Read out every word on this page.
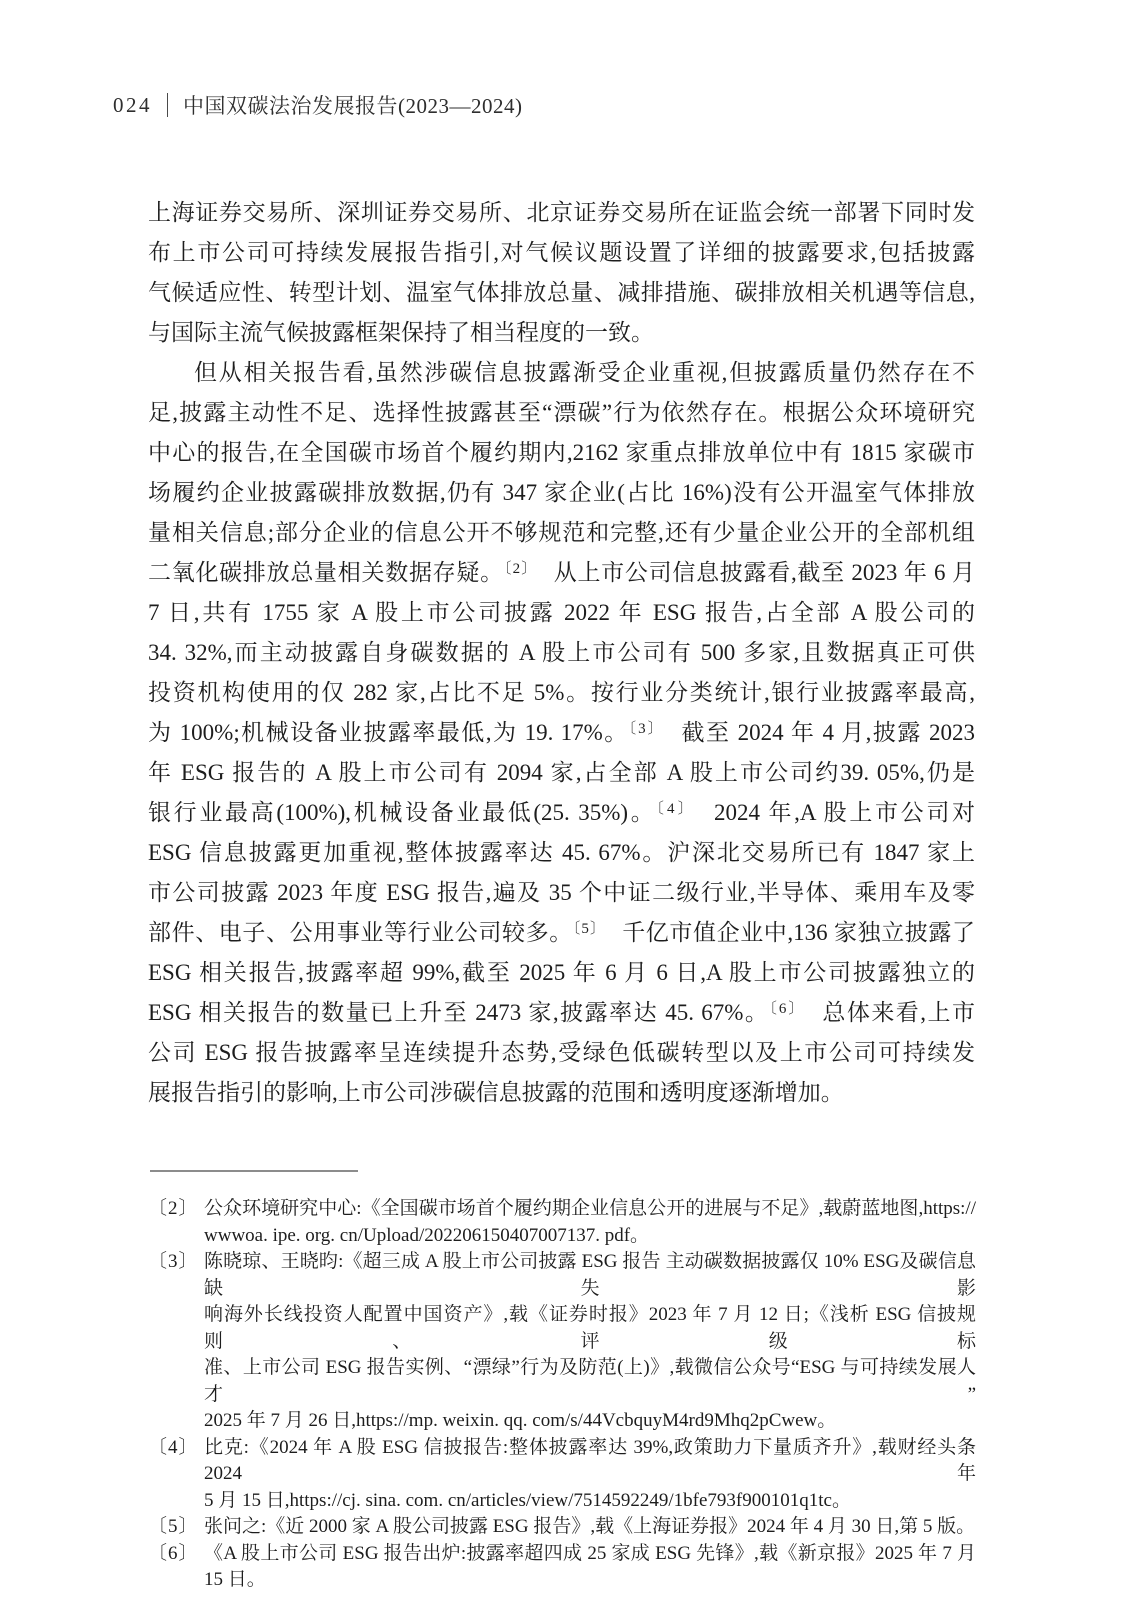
024 中国双碳法治发展报告(2023—2024)
上海证券交易所、深圳证券交易所、北京证券交易所在证监会统一部署下同时发
布上市公司可持续发展报告指引,对气候议题设置了详细的披露要求,包括披露
气候适应性、转型计划、温室气体排放总量、减排措施、碳排放相关机遇等信息,
与国际主流气候披露框架保持了相当程度的一致。
但从相关报告看,虽然涉碳信息披露渐受企业重视,但披露质量仍然存在不
足,披露主动性不足、选择性披露甚至“漂碳”行为依然存在。根据公众环境研究
中心的报告,在全国碳市场首个履约期内,2162 家重点排放单位中有 1815 家碳市
场履约企业披露碳排放数据,仍有 347 家企业(占比 16%)没有公开温室气体排放
量相关信息;部分企业的信息公开不够规范和完整,还有少量企业公开的全部机组
二氧化碳排放总量相关数据存疑。$^{〔2〕}$　从上市公司信息披露看,截至 2023 年 6 月
7 日,共有 1755 家 A 股上市公司披露 2022 年 ESG 报告,占全部 A 股公司的
34. 32%,而主动披露自身碳数据的 A 股上市公司有 500 多家,且数据真正可供
投资机构使用的仅 282 家,占比不足 5%。按行业分类统计,银行业披露率最高,
为 100%;机械设备业披露率最低,为 19. 17%。$^{〔3〕}$　截至 2024 年 4 月,披露 2023
年 ESG 报告的 A 股上市公司有 2094 家,占全部 A 股上市公司约39. 05%,仍是
银行业最高(100%),机械设备业最低(25. 35%)。$^{〔4〕}$　2024 年,A 股上市公司对
ESG 信息披露更加重视,整体披露率达 45. 67%。沪深北交易所已有 1847 家上
市公司披露 2023 年度 ESG 报告,遍及 35 个中证二级行业,半导体、乘用车及零
部件、电子、公用事业等行业公司较多。$^{〔5〕}$　千亿市值企业中,136 家独立披露了
ESG 相关报告,披露率超 99%,截至 2025 年 6 月 6 日,A 股上市公司披露独立的
ESG 相关报告的数量已上升至 2473 家,披露率达 45. 67%。$^{〔6〕}$　总体来看,上市
公司 ESG 报告披露率呈连续提升态势,受绿色低碳转型以及上市公司可持续发
展报告指引的影响,上市公司涉碳信息披露的范围和透明度逐渐增加。
〔2〕 公众环境研究中心:《全国碳市场首个履约期企业信息公开的进展与不足》,载蔚蓝地图,https://
wwwoa. ipe. org. cn/Upload/202206150407007137. pdf。
〔3〕 陈晓琼、王晓昀:《超三成 A 股上市公司披露 ESG 报告 主动碳数据披露仅 10% ESG及碳信息缺失影
响海外长线投资人配置中国资产》,载《证券时报》2023 年 7 月 12 日;《浅析 ESG 信披规则、评级标
准、上市公司 ESG 报告实例、“漂绿”行为及防范(上)》,载微信公众号“ESG 与可持续发展人才”
2025 年 7 月 26 日,https://mp. weixin. qq. com/s/44VcbquyM4rd9Mhq2pCwew。
〔4〕 比克:《2024 年 A 股 ESG 信披报告:整体披露率达 39%,政策助力下量质齐升》,载财经头条 2024 年
5 月 15 日,https://cj. sina. com. cn/articles/view/7514592249/1bfe793f900101q1tc。
〔5〕 张问之:《近 2000 家 A 股公司披露 ESG 报告》,载《上海证券报》2024 年 4 月 30 日,第 5 版。
〔6〕 《A 股上市公司 ESG 报告出炉:披露率超四成 25 家成 ESG 先锋》,载《新京报》2025 年 7 月 15 日。
